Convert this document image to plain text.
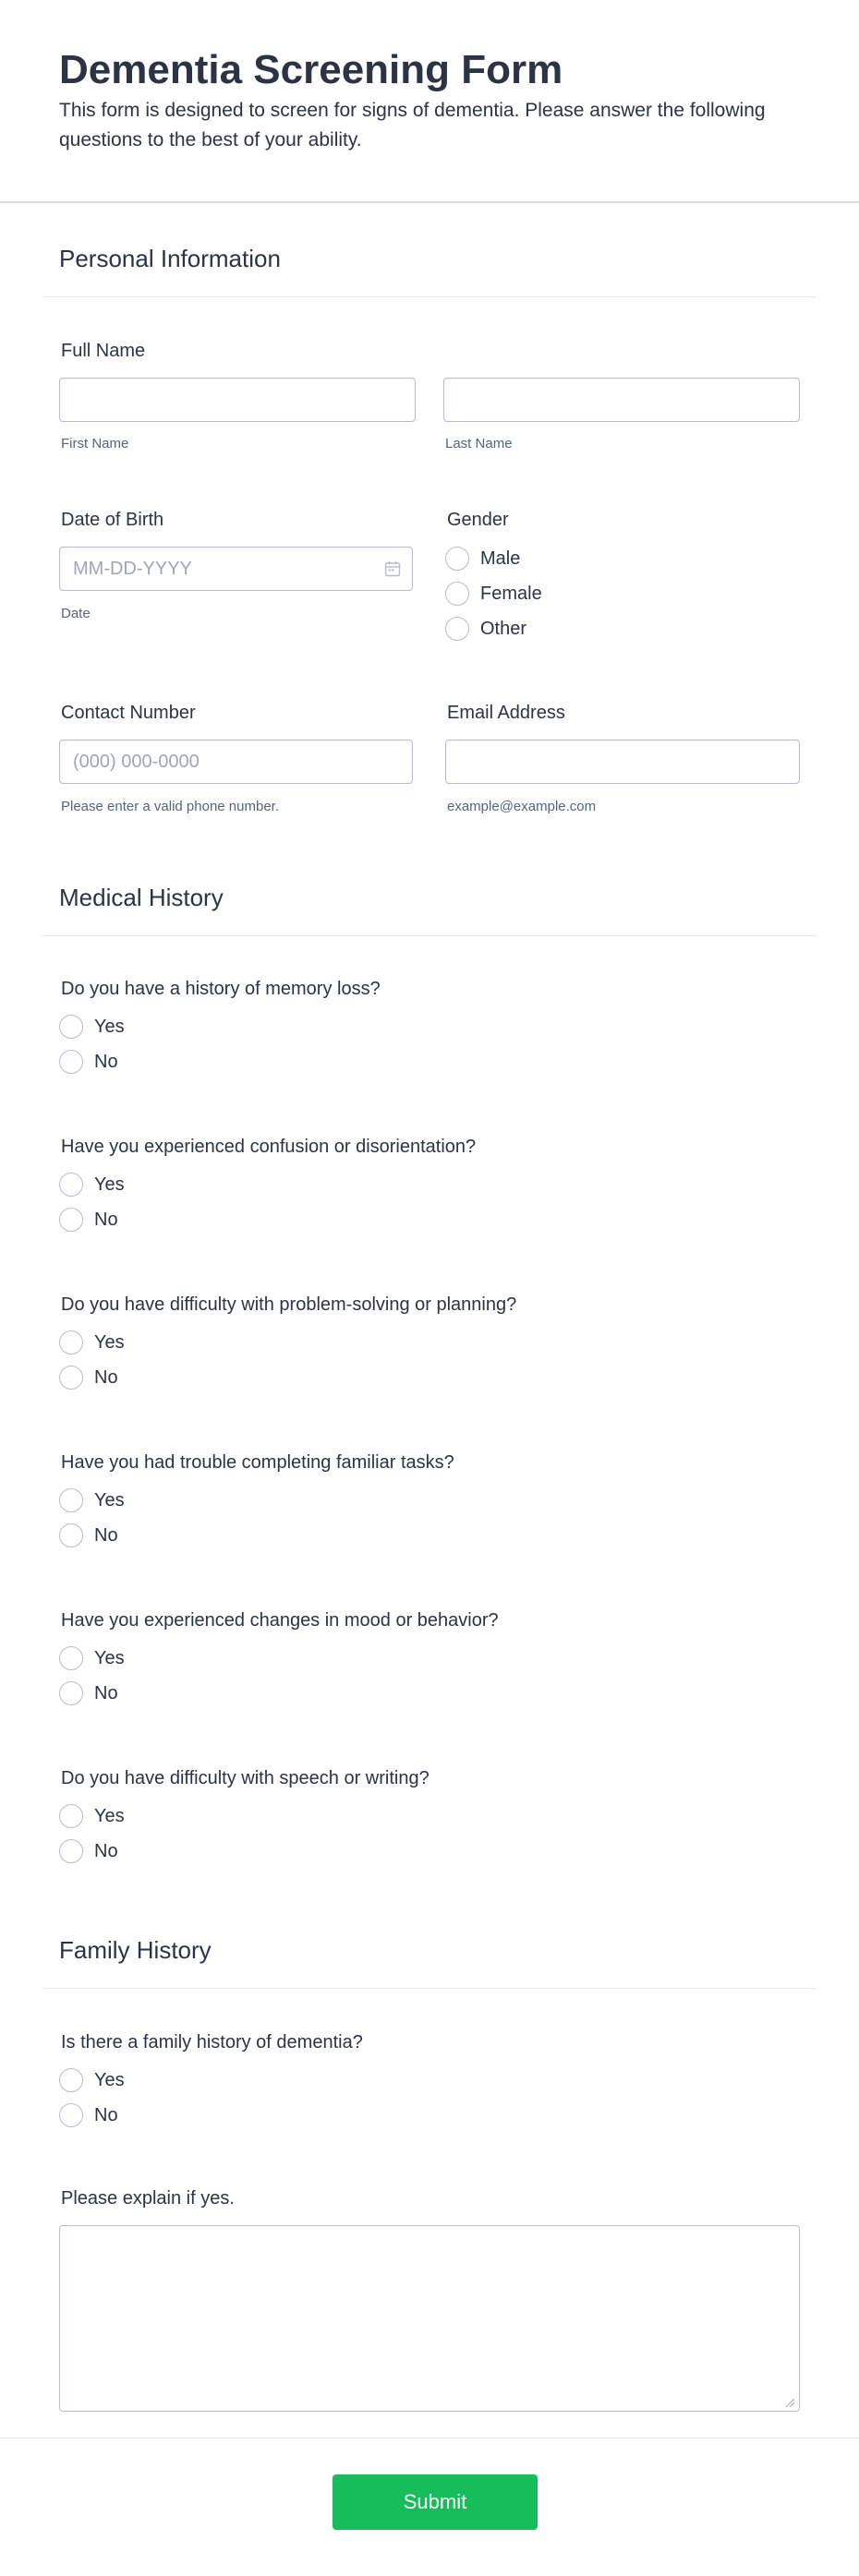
Dementia Screening Form

This form is designed to screen for signs of dementia. Please answer the following questions to the best of your ability.

Personal Information
Full Name
First Name	Last Name
Date of Birth
MM-DD-YYYY
Date
Gender
Male
Female
Other
Contact Number
(000) 000-0000
Please enter a valid phone number.
Email Address
example@example.com
Medical History
Do you have a history of memory loss?
Yes
No
Have you experienced confusion or disorientation?
Yes
No
Do you have difficulty with problem-solving or planning?
Yes
No
Have you had trouble completing familiar tasks?
Yes
No
Have you experienced changes in mood or behavior?
Yes
No
Do you have difficulty with speech or writing?
Yes
No
Family History
Is there a family history of dementia?
Yes
No
Please explain if yes.
Submit
